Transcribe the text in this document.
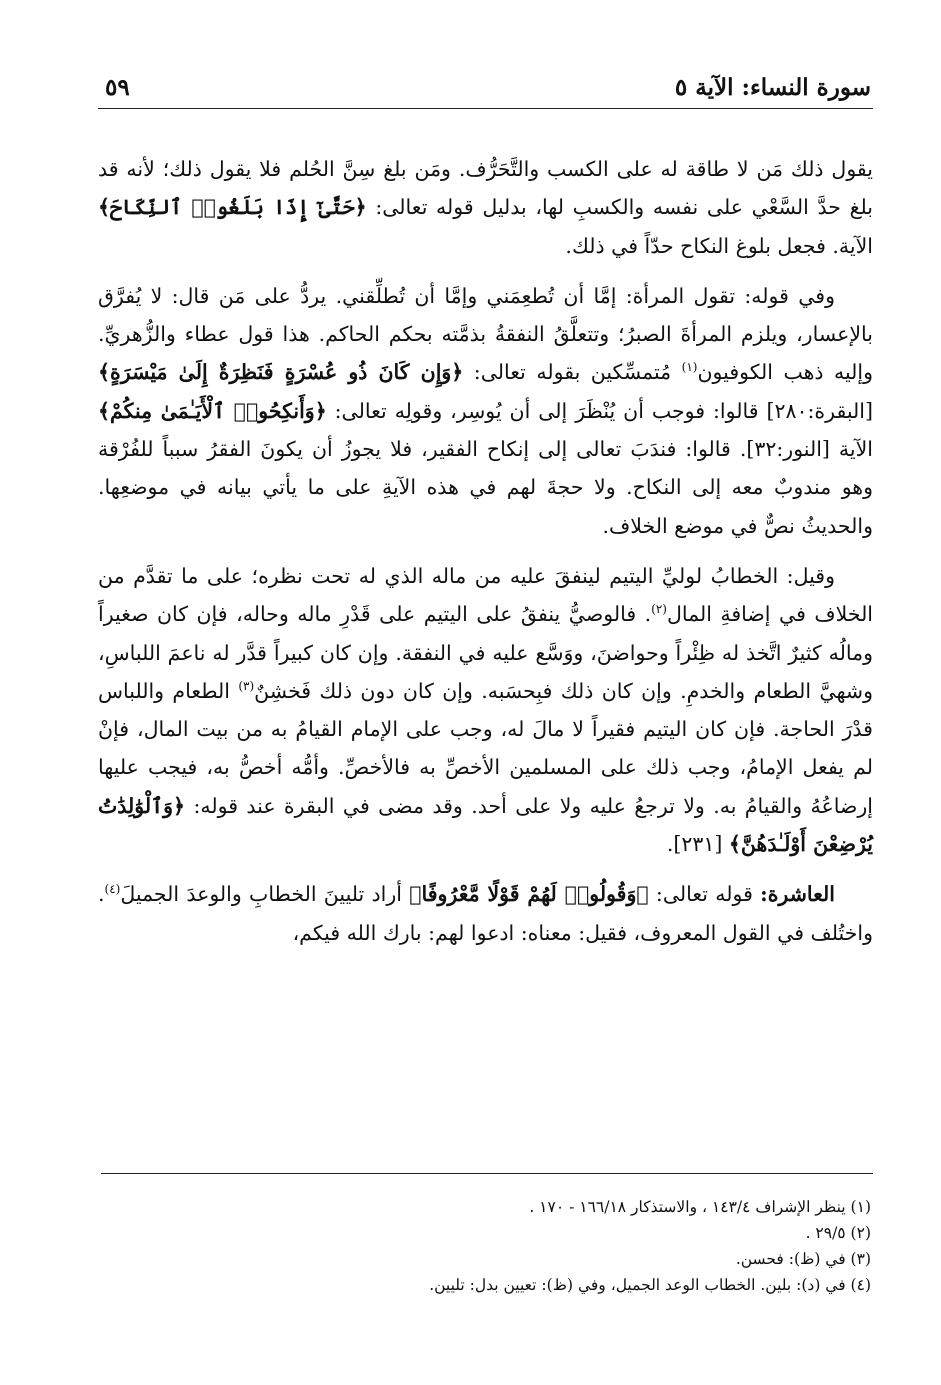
سورة النساء: الآية ٥
٥٩

يقول ذلك مَن لا طاقة له على الكسب والتَّحَرُّف. ومَن بلغ سِنَّ الحُلم فلا يقول ذلك؛ لأنه قد بلغ حدَّ السَّعْي على نفسه والكسبِ لها، بدليل قوله تعالى: ﴿حَتَّىٰٓ إِذَا بَلَغُوا۟ ٱلنِّكَاحَ﴾ الآية. فجعل بلوغ النكاح حدّاً في ذلك.

وفي قوله: تقول المرأة: إمَّا أن تُطعِمَني وإمَّا أن تُطلِّقني. يردُّ على مَن قال: لا يُفرَّق بالإعسار، ويلزم المرأةَ الصبرُ؛ وتتعلَّقُ النفقةُ بذمَّته بحكم الحاكم. هذا قول عطاء والزُّهريِّ. وإليه ذهب الكوفيون$^{(١)}$ مُتمسِّكين بقوله تعالى: ﴿وَإِن كَانَ ذُو عُسْرَةٍ فَنَظِرَةٌ إِلَىٰ مَيْسَرَةٍ﴾ [البقرة:٢٨٠] قالوا: فوجب أن يُنْظَرَ إلى أن يُوسِر، وقولِه تعالى: ﴿وَأَنكِحُوا۟ ٱلْأَيَـٰمَىٰ مِنكُمْ﴾ الآية [النور:٣٢]. قالوا: فندَبَ تعالى إلى إنكاح الفقير، فلا يجوزُ أن يكونَ الفقرُ سبباً للفُرْقة وهو مندوبٌ معه إلى النكاح. ولا حجةَ لهم في هذه الآيةِ على ما يأتي بيانه في موضعِها. والحديثُ نصٌّ في موضع الخلاف.

وقيل: الخطابُ لوليِّ اليتيم لينفقَ عليه من ماله الذي له تحت نظره؛ على ما تقدَّم من الخلاف في إضافةِ المال$^{(٢)}$. فالوصيُّ ينفقُ على اليتيم على قَدْرِ ماله وحاله، فإن كان صغيراً ومالُه كثيرٌ اتَّخذ له ظِئْراً وحواضنَ، ووَسَّع عليه في النفقة. وإن كان كبيراً قدَّر له ناعمَ اللباسِ، وشهيَّ الطعام والخدمِ. وإن كان ذلك فبِحسَبه. وإن كان دون ذلك فَخشِنٌ$^{(٣)}$ الطعام واللباس قدْرَ الحاجة. فإن كان اليتيم فقيراً لا مالَ له، وجب على الإمام القيامُ به من بيت المال، فإنْ لم يفعل الإمامُ، وجب ذلك على المسلمين الأخصِّ به فالأخصِّ. وأمُّه أخصُّ به، فيجب عليها إرضاعُهُ والقيامُ به. ولا ترجعُ عليه ولا على أحد. وقد مضى في البقرة عند قوله: ﴿وَٱلْوَٰلِدَٰتُ يُرْضِعْنَ أَوْلَـٰدَهُنَّ﴾ [٢٣١].

العاشرة: قوله تعالى: ﴿وَقُولُوا۟ لَهُمْ قَوْلًا مَّعْرُوفًا﴾ أراد تليينَ الخطابِ والوعدَ الجميلَ$^{(٤)}$. واختُلف في القول المعروف، فقيل: معناه: ادعوا لهم: بارك الله فيكم،

(١) ينظر الإشراف ١٤٣/٤ ، والاستذكار ١٦٦/١٨ - ١٧٠ .
(٢) ٢٩/٥ .
(٣) في (ظ): فحسن.
(٤) في (د): بلين. الخطاب الوعد الجميل، وفي (ظ): تعيين بدل: تليين.
